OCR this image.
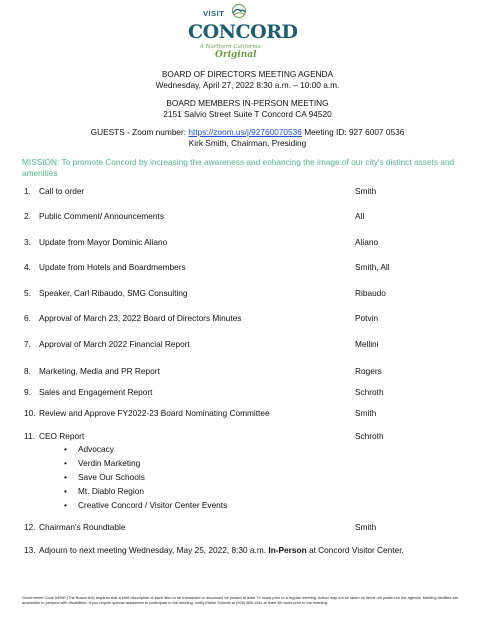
VISIT
CONCORD
A Northern California
Original
BOARD OF DIRECTORS MEETING AGENDA
Wednesday, April 27, 2022 8:30 a.m. – 10:00 a.m.
BOARD MEMBERS IN-PERSON MEETING
2151 Salvio Street Suite T Concord CA 94520
GUESTS - Zoom number: https://zoom.us/j/92760070536 Meeting ID: 927 6007 0536
Kirk Smith, Chairman, Presiding
MISSION: To promote Concord by increasing the awareness and enhancing the image of our city's distinct assets and amenities
1. Call to order	Smith
2. Public Comment/ Announcements	All
3. Update from Mayor Dominic Aliano	Aliano
4. Update from Hotels and Boardmembers	Smith, All
5. Speaker, Carl Ribaudo, SMG Consulting	Ribaudo
6. Approval of March 23, 2022 Board of Directors Minutes	Potvin
7. Approval of March 2022 Financial Report	Mellini
8. Marketing, Media and PR Report	Rogers
9. Sales and Engagement Report	Schroth
10. Review and Approve FY2022-23 Board Nominating Committee	Smith
11. CEO Report	Schroth
• Advocacy
• Verdin Marketing
• Save Our Schools
• Mt. Diablo Region
• Creative Concord / Visitor Center Events
12. Chairman's Roundtable	Smith
13. Adjourn to next meeting Wednesday, May 25, 2022, 8:30 a.m. In-Person at Concord Visitor Center.
Government Code 54950 (The Brown Act) requires that a brief description of each item to be transacted or discussed be posted at least 72 hours prior to a regular meeting. Action may not be taken on items not posted on the agenda. Meeting facilities are accessible to persons with disabilities. If you require special assistance to participate in the meeting, notify Elaine Schroth at (925) 685-1181 at least 48 hours prior to the meeting.
